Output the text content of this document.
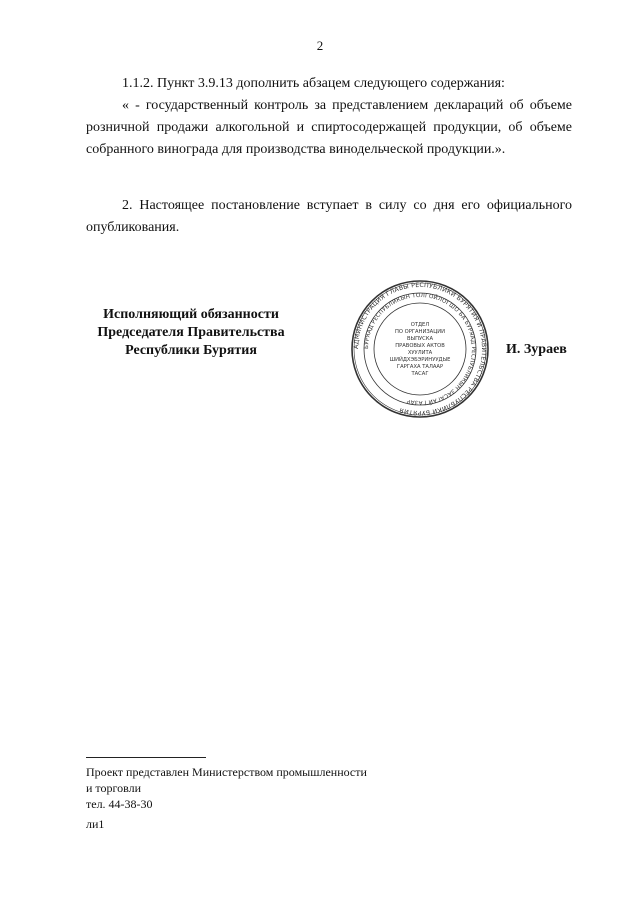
2

1.1.2. Пункт 3.9.13 дополнить абзацем следующего содержания:

« - государственный контроль за представлением деклараций об объеме розничной продажи алкогольной и спиртосодержащей продукции, об объеме собранного винограда для производства винодельческой продукции.».

2. Настоящее постановление вступает в силу со дня его официального опубликования.

Исполняющий обязанности
Председателя Правительства
Республики Бурятия	АДМИНИСТРАЦИЯ ГЛАВЫ РЕСПУБЛИКИ БУРЯТИЯ И ПРАВИТЕЛЬСТВА РЕСПУБЛИКИ БУРЯТИЯ
БУРЯАД РЕСПУБЛИКЫН ТОЛГОЙЛОГШО БА БУРЯАД РЕСПУБЛИКЫН ЗАСАГАЙ ГАЗАР
ОТДЕЛ
ПО ОРГАНИЗАЦИИ
ВЫПУСКА
ПРАВОВЫХ АКТОВ
ХУУЛИТА
ШИЙДХЭБЭРИНУУДЫЕ
ГАРГАХА ТАЛААР
ТАСАГ
И. Зураев
Проект представлен Министерством промышленности
и торговли
тел. 44-38-30
ли1
